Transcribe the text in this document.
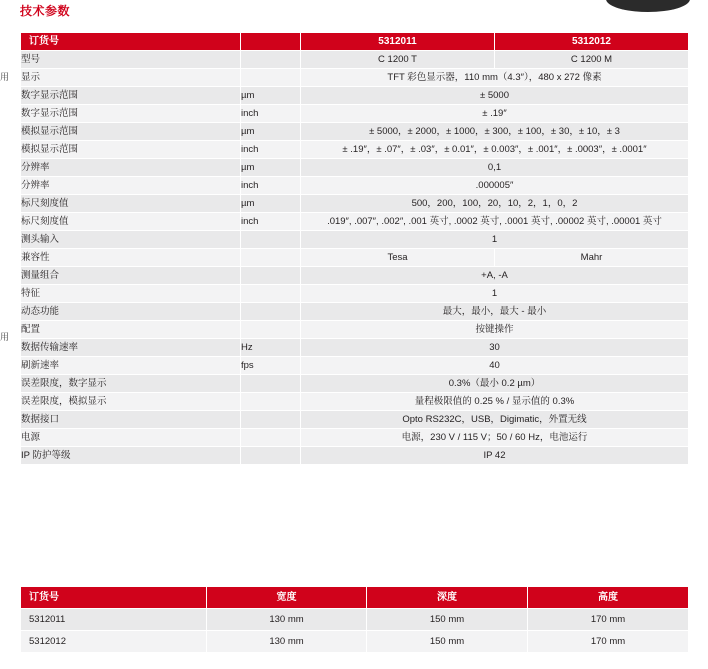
技术参数
用
用
订货号		5312011	5312012
型号		C 1200 T	C 1200 M
显示		TFT 彩色显示器，110 mm（4.3″），480 x 272 像素	
数字显示范围	µm	± 5000	
数字显示范围	inch	± .19″	
模拟显示范围	µm	± 5000，± 2000，± 1000，± 300，± 100，± 30，± 10，± 3	
模拟显示范围	inch	± .19″，± .07″，± .03″，± 0.01″，± 0.003″，± .001″，± .0003″，± .0001″	
分辨率	µm	0,1	
分辨率	inch	.000005″	
标尺刻度值	µm	500，200，100，20，10，2，1，0，2	
标尺刻度值	inch	.019″, .007″, .002″, .001 英寸, .0002 英寸, .0001 英寸, .00002 英寸, .00001 英寸	
测头输入		1	
兼容性		Tesa	Mahr
测量组合		+A, -A	
特征		1	
动态功能		最大，最小，最大 - 最小	
配置		按键操作	
数据传输速率	Hz	30	
刷新速率	fps	40	
误差限度，数字显示		0.3%（最小 0.2 µm）	
误差限度，模拟显示		量程极限值的 0.25 % / 显示值的 0.3%	
数据接口		Opto RS232C，USB，Digimatic，外置无线	
电源		电源，230 V / 115 V；50 / 60 Hz，电池运行	
IP 防护等级		IP 42	
订货号	宽度	深度	高度
5312011	130 mm	150 mm	170 mm
5312012	130 mm	150 mm	170 mm
